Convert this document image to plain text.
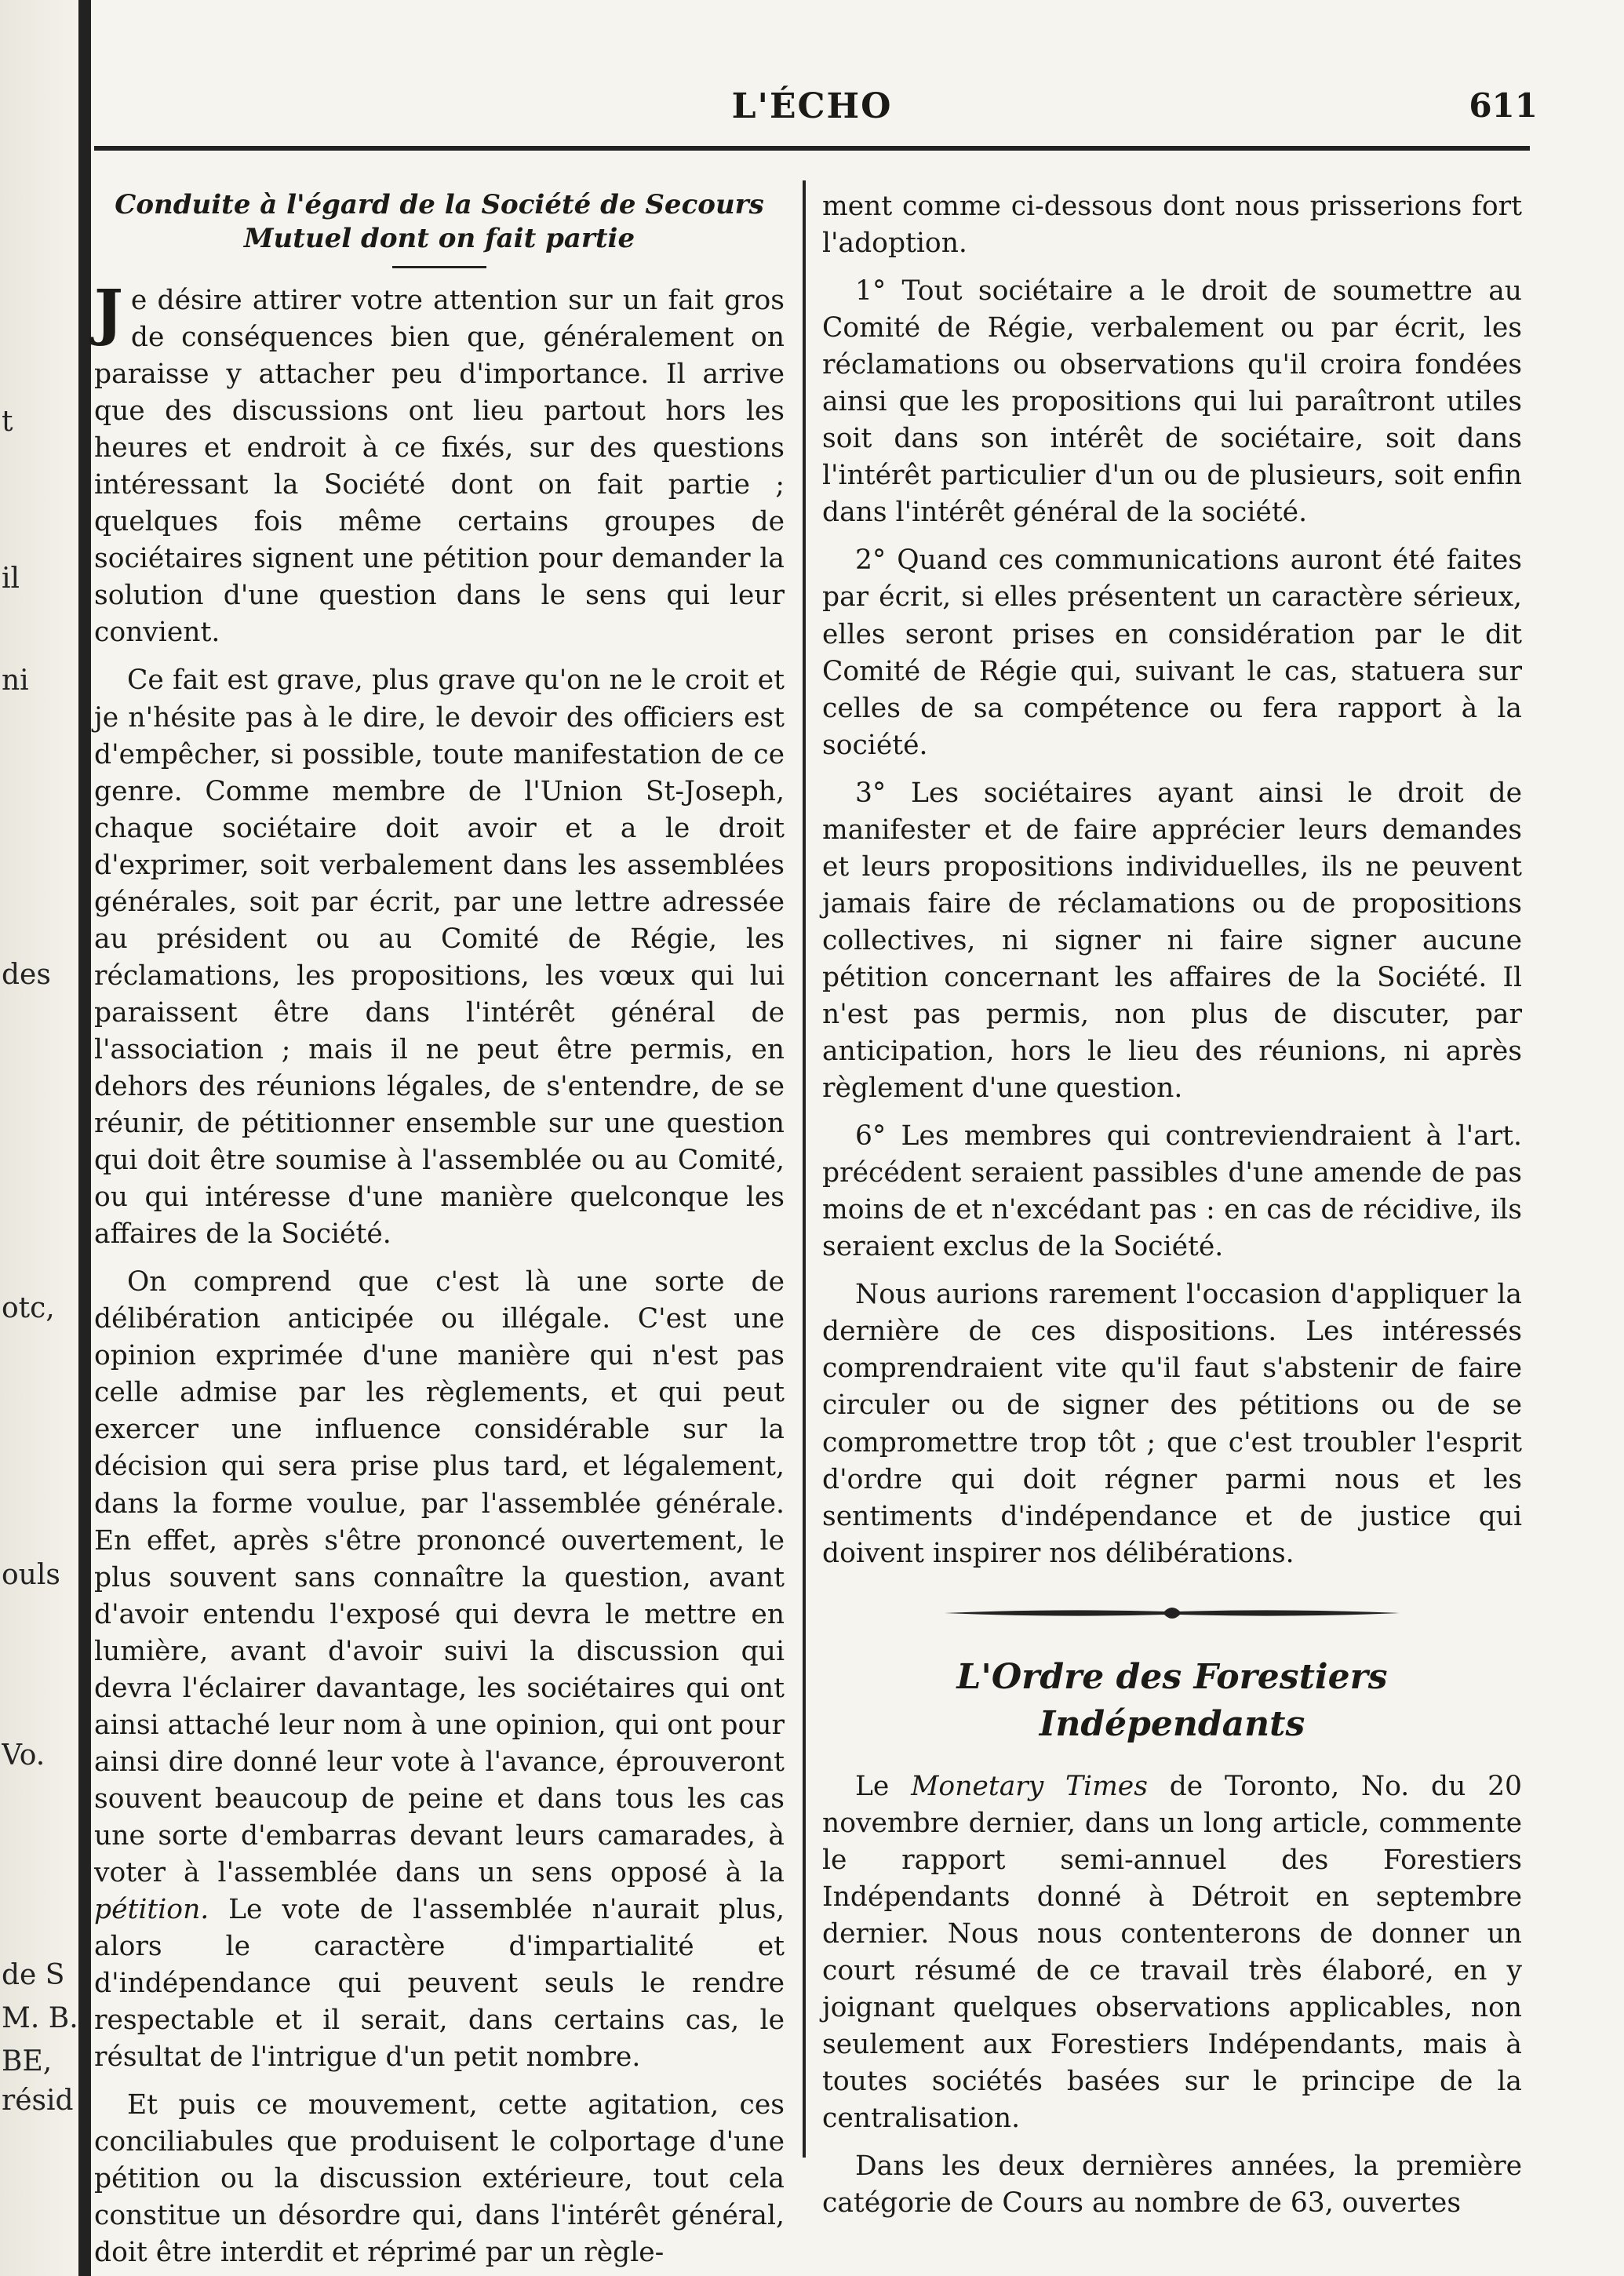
t
il
ni
des
otc,
ouls
Vo.
de S
M. B.
BE,
résid
L'ÉCHO	611
Conduite à l'égard de la Société de Secours Mutuel dont on fait partie

Je désire attirer votre attention sur un fait gros de conséquences bien que, généralement on paraisse y attacher peu d'importance. Il arrive que des discussions ont lieu partout hors les heures et endroit à ce fixés, sur des questions intéressant la Société dont on fait partie ; quelques fois même certains groupes de sociétaires signent une pétition pour demander la solution d'une question dans le sens qui leur convient.

Ce fait est grave, plus grave qu'on ne le croit et je n'hésite pas à le dire, le devoir des officiers est d'empêcher, si possible, toute manifestation de ce genre. Comme membre de l'Union St-Joseph, chaque sociétaire doit avoir et a le droit d'exprimer, soit verbalement dans les assemblées générales, soit par écrit, par une lettre adressée au président ou au Comité de Régie, les réclamations, les propositions, les vœux qui lui paraissent être dans l'intérêt général de l'association ; mais il ne peut être permis, en dehors des réunions légales, de s'entendre, de se réunir, de pétitionner ensemble sur une question qui doit être soumise à l'assemblée ou au Comité, ou qui intéresse d'une manière quelconque les affaires de la Société.

On comprend que c'est là une sorte de délibération anticipée ou illégale. C'est une opinion exprimée d'une manière qui n'est pas celle admise par les règlements, et qui peut exercer une influence considérable sur la décision qui sera prise plus tard, et légalement, dans la forme voulue, par l'assemblée générale. En effet, après s'être prononcé ouvertement, le plus souvent sans connaître la question, avant d'avoir entendu l'exposé qui devra le mettre en lumière, avant d'avoir suivi la discussion qui devra l'éclairer davantage, les sociétaires qui ont ainsi attaché leur nom à une opinion, qui ont pour ainsi dire donné leur vote à l'avance, éprouveront souvent beaucoup de peine et dans tous les cas une sorte d'embarras devant leurs camarades, à voter à l'assemblée dans un sens opposé à la pétition. Le vote de l'assemblée n'aurait plus, alors le caractère d'impartialité et d'indépendance qui peuvent seuls le rendre respectable et il serait, dans certains cas, le résultat de l'intrigue d'un petit nombre.

Et puis ce mouvement, cette agitation, ces conciliabules que produisent le colportage d'une pétition ou la discussion extérieure, tout cela constitue un désordre qui, dans l'intérêt général, doit être interdit et réprimé par un règle-

ment comme ci-dessous dont nous prisserions fort l'adoption.

1° Tout sociétaire a le droit de soumettre au Comité de Régie, verbalement ou par écrit, les réclamations ou observations qu'il croira fondées ainsi que les propositions qui lui paraîtront utiles soit dans son intérêt de sociétaire, soit dans l'intérêt particulier d'un ou de plusieurs, soit enfin dans l'intérêt général de la société.

2° Quand ces communications auront été faites par écrit, si elles présentent un caractère sérieux, elles seront prises en considération par le dit Comité de Régie qui, suivant le cas, statuera sur celles de sa compétence ou fera rapport à la société.

3° Les sociétaires ayant ainsi le droit de manifester et de faire apprécier leurs demandes et leurs propositions individuelles, ils ne peuvent jamais faire de réclamations ou de propositions collectives, ni signer ni faire signer aucune pétition concernant les affaires de la Société. Il n'est pas permis, non plus de discuter, par anticipation, hors le lieu des réunions, ni après règlement d'une question.

6° Les membres qui contreviendraient à l'art. précédent seraient passibles d'une amende de pas moins de et n'excédant pas : en cas de récidive, ils seraient exclus de la Société.

Nous aurions rarement l'occasion d'appliquer la dernière de ces dispositions. Les intéressés comprendraient vite qu'il faut s'abstenir de faire circuler ou de signer des pétitions ou de se compromettre trop tôt ; que c'est troubler l'esprit d'ordre qui doit régner parmi nous et les sentiments d'indépendance et de justice qui doivent inspirer nos délibérations.

L'Ordre des Forestiers Indépendants

Le Monetary Times de Toronto, No. du 20 novembre dernier, dans un long article, commente le rapport semi-annuel des Forestiers Indépendants donné à Détroit en septembre dernier. Nous nous contenterons de donner un court résumé de ce travail très élaboré, en y joignant quelques observations applicables, non seulement aux Forestiers Indépendants, mais à toutes sociétés basées sur le principe de la centralisation.

Dans les deux dernières années, la première catégorie de Cours au nombre de 63, ouvertes
